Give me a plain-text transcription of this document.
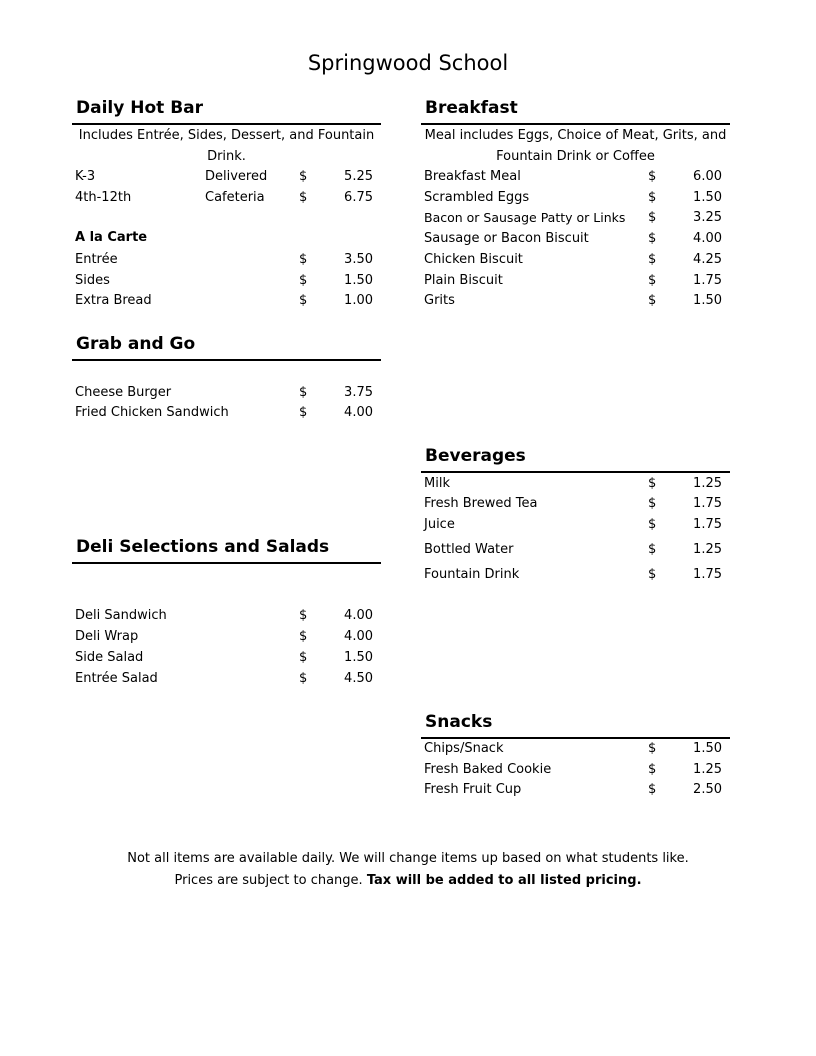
Springwood School
Daily Hot Bar
Includes Entrée, Sides, Dessert, and Fountain Drink.
K-3	Delivered $	5.25
4th-12th	Cafeteria	$	6.75
A la Carte
Entrée	$	3.50
Sides	$	1.50
Extra Bread	$	1.00
Grab and Go
Cheese Burger	$	3.75
Fried Chicken Sandwich	$	4.00
Deli Selections and Salads
Deli Sandwich	$	4.00
Deli Wrap	$	4.00
Side Salad	$	1.50
Entrée Salad	$	4.50
Breakfast
Meal includes Eggs, Choice of Meat, Grits, and Fountain Drink or Coffee
Breakfast Meal	$	6.00
Scrambled Eggs	$	1.50
Bacon or Sausage Patty or Links $	3.25
Sausage or Bacon Biscuit	$	4.00
Chicken Biscuit	$	4.25
Plain Biscuit	$	1.75
Grits	$	1.50
Beverages
Milk	$	1.25
Fresh Brewed Tea	$	1.75
Juice	$	1.75
Bottled Water	$	1.25
Fountain Drink	$	1.75
Snacks
Chips/Snack	$	1.50
Fresh Baked Cookie	$	1.25
Fresh Fruit Cup	$	2.50
Not all items are available daily. We will change items up based on what students like.
Prices are subject to change. Tax will be added to all listed pricing.
